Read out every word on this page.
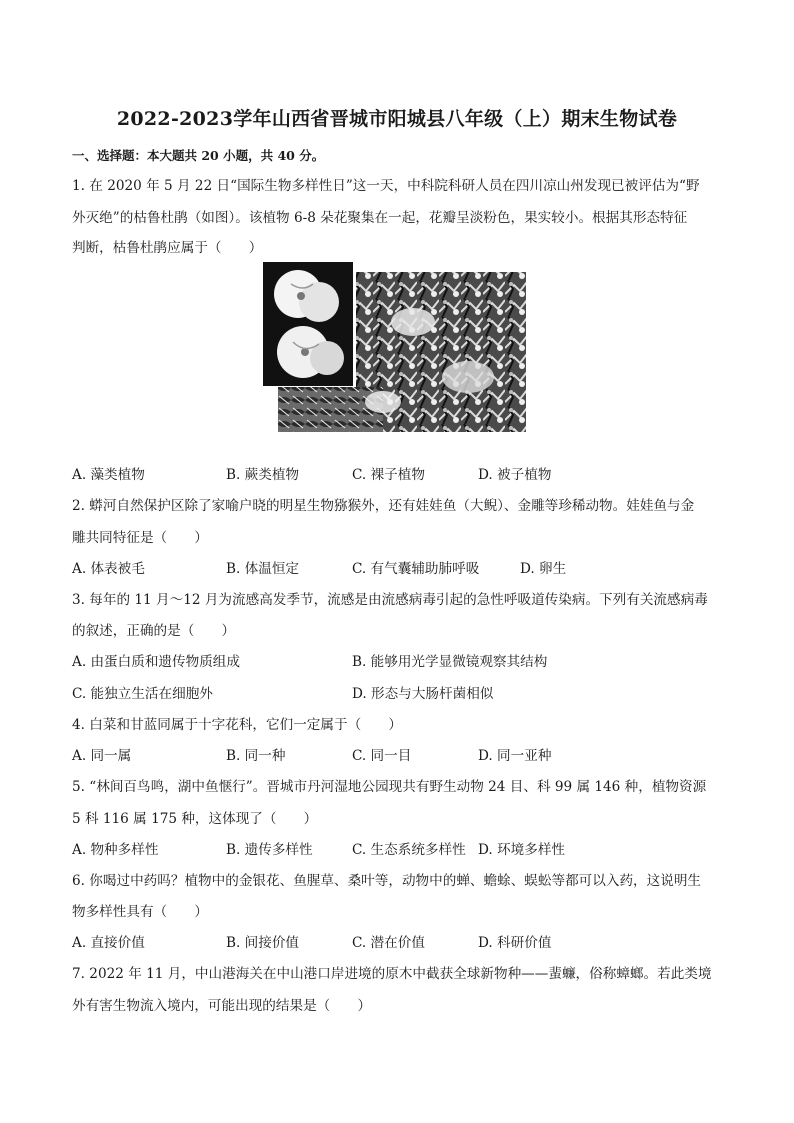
2022-2023学年山西省晋城市阳城县八年级（上）期末生物试卷
一、选择题：本大题共 20 小题，共 40 分。
1. 在 2020 年 5 月 22 日“国际生物多样性日”这一天，中科院科研人员在四川凉山州发现已被评估为“野
外灭绝”的枯鲁杜鹃（如图）。该植物 6-8 朵花聚集在一起，花瓣呈淡粉色，果实较小。根据其形态特征
判断，枯鲁杜鹃应属于（　　）
A. 藻类植物	B. 蕨类植物	C. 裸子植物	D. 被子植物
2. 蟒河自然保护区除了家喻户晓的明星生物猕猴外，还有娃娃鱼（大鲵）、金雕等珍稀动物。娃娃鱼与金
雕共同特征是（　　）
A. 体表被毛	B. 体温恒定	C. 有气囊辅助肺呼吸	D. 卵生
3. 每年的 11 月～12 月为流感高发季节，流感是由流感病毒引起的急性呼吸道传染病。下列有关流感病毒
的叙述，正确的是（　　）
A. 由蛋白质和遗传物质组成	B. 能够用光学显微镜观察其结构
C. 能独立生活在细胞外	D. 形态与大肠杆菌相似
4. 白菜和甘蓝同属于十字花科，它们一定属于（　　）
A. 同一属	B. 同一种	C. 同一目	D. 同一亚种
5. “林间百鸟鸣，湖中鱼惬行”。晋城市丹河湿地公园现共有野生动物 24 目、科 99 属 146 种，植物资源
5 科 116 属 175 种，这体现了（　　）
A. 物种多样性	B. 遗传多样性	C. 生态系统多样性 D. 环境多样性
6. 你喝过中药吗？植物中的金银花、鱼腥草、桑叶等，动物中的蝉、蟾蜍、蜈蚣等都可以入药，这说明生
物多样性具有（　　）
A. 直接价值	B. 间接价值	C. 潜在价值	D. 科研价值
7. 2022 年 11 月，中山港海关在中山港口岸进境的原木中截获全球新物种——蜚蠊，俗称蟑螂。若此类境
外有害生物流入境内，可能出现的结果是（　　）
